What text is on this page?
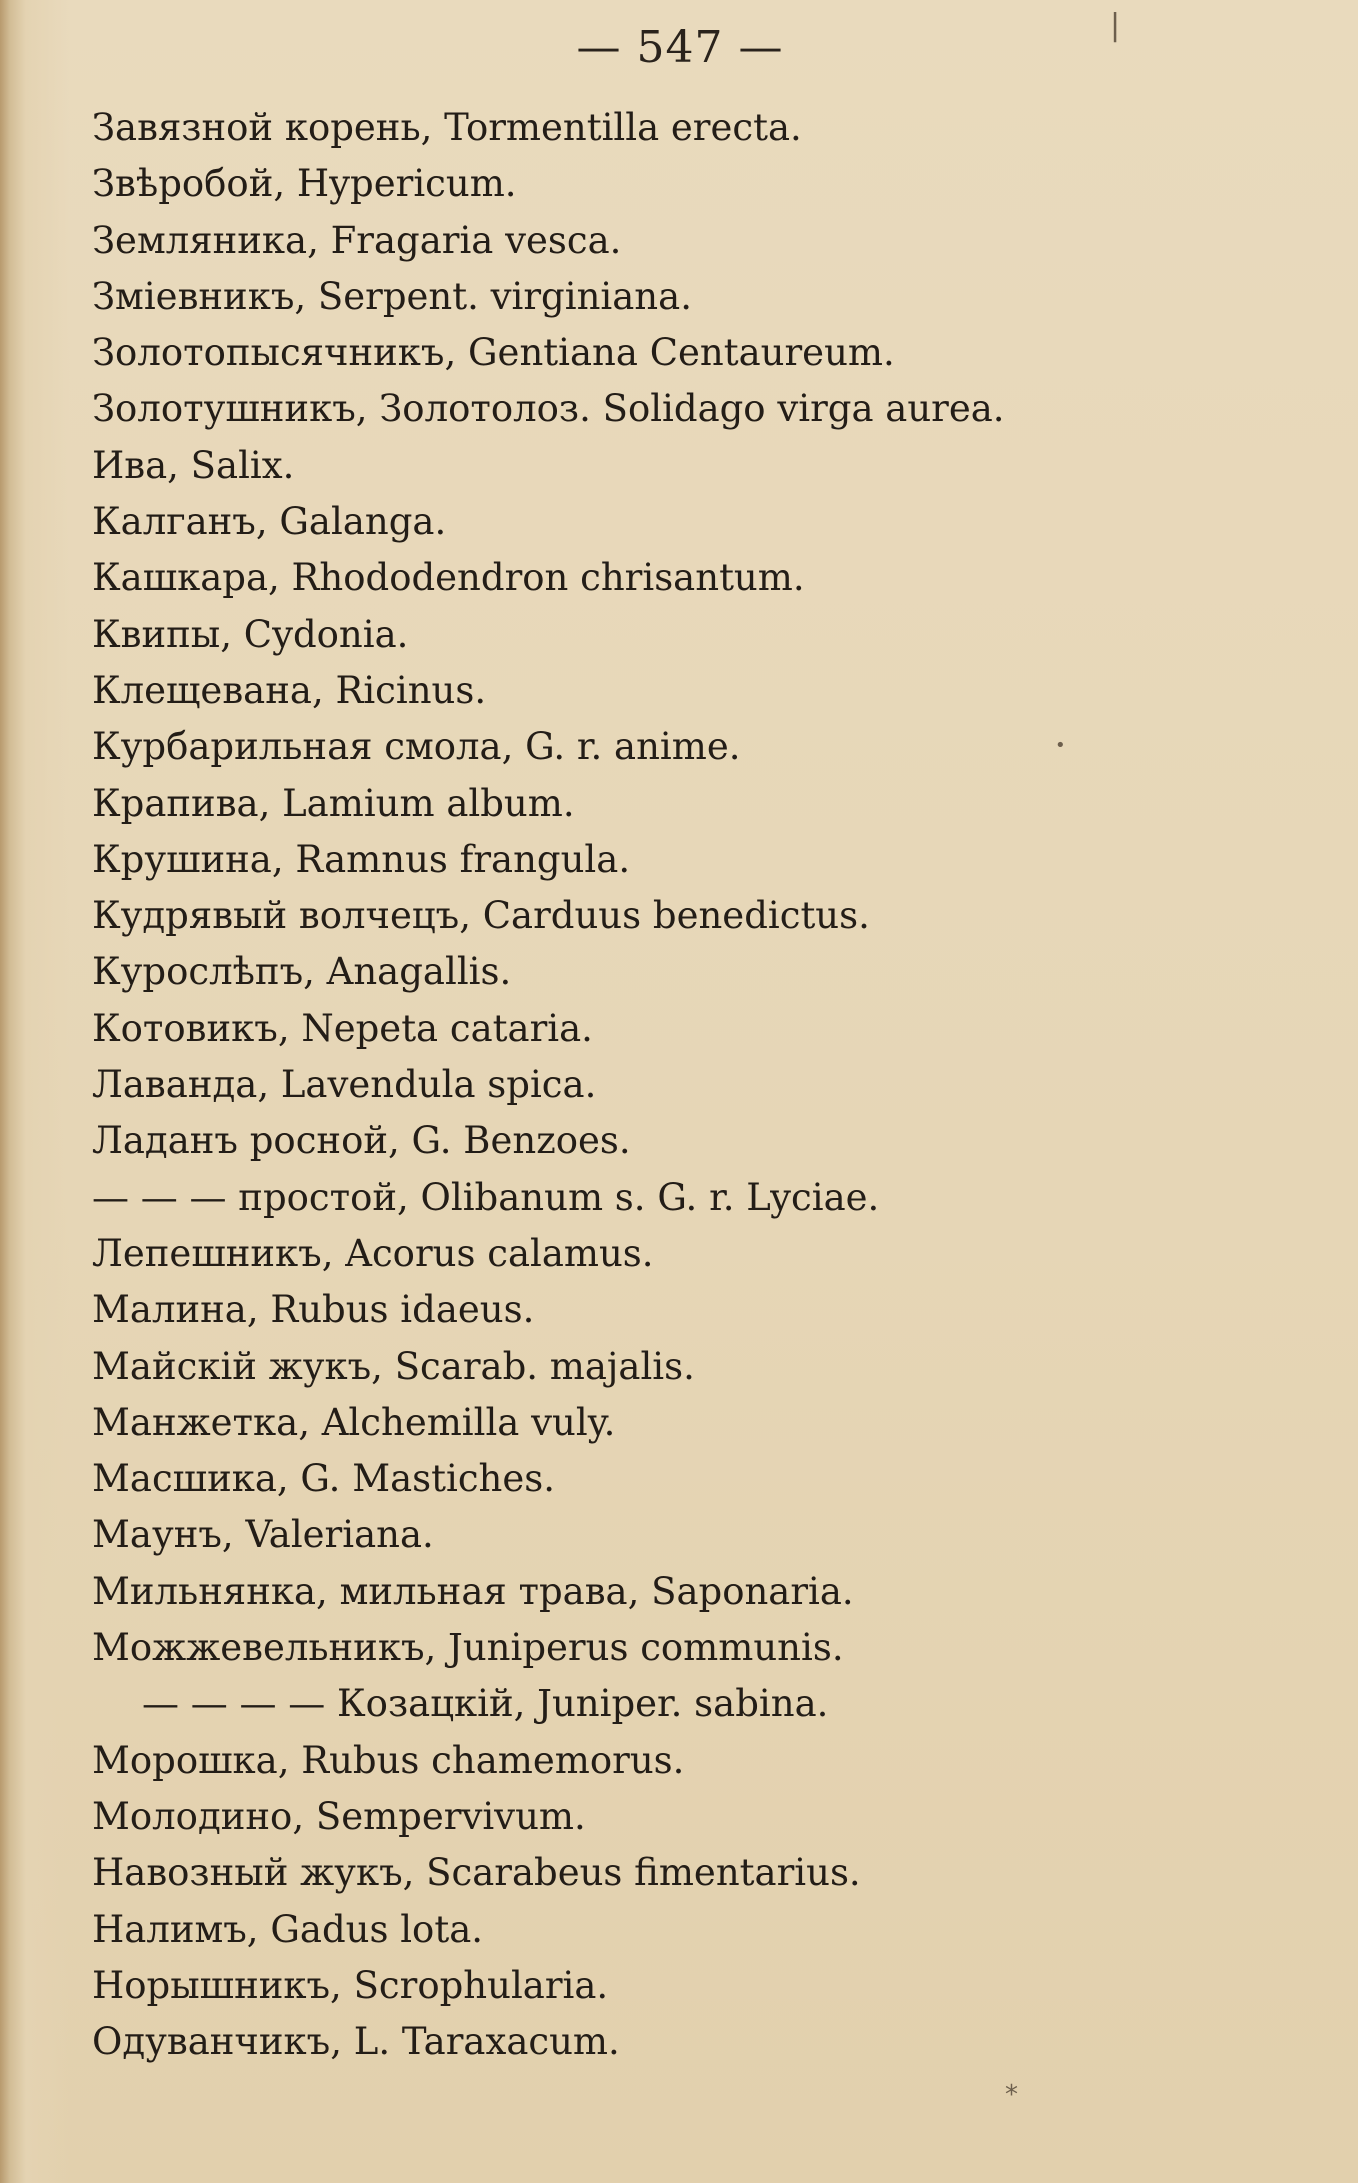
— 547 —
Завязной корень, Tormentilla erecta.
Звѣробой, Hypericum.
Земляника, Fragaria vesca.
Зміевникъ, Serpent. virginiana.
Золотопысячникъ, Gentiana Centaureum.
Золотушникъ, Золотолоз. Solidago virga aurea.
Ива, Salix.
Калганъ, Galanga.
Кашкара, Rhododendron chrisantum.
Квипы, Cydonia.
Клещевана, Ricinus.
Курбарильная смола, G. r. anime.
Крапива, Lamium album.
Крушина, Ramnus frangula.
Кудрявый волчецъ, Carduus benedictus.
Курослѣпъ, Anagallis.
Котовикъ, Nepeta cataria.
Лаванда, Lavendula spica.
Ладанъ росной, G. Benzoes.
— — — простой, Olibanum s. G. r. Lyciae.
Лепешникъ, Acorus calamus.
Малина, Rubus idaeus.
Майскій жукъ, Scarab. majalis.
Манжетка, Alchemilla vuly.
Масшика, G. Mastiches.
Маунъ, Valeriana.
Мильнянка, мильная трава, Saponaria.
Можжевельникъ, Juniperus communis.
— — — — Козацкій, Juniper. sabina.
Морошка, Rubus chamemorus.
Молодино, Sempervivum.
Навозный жукъ, Scarabeus fimentarius.
Налимъ, Gadus lota.
Норышникъ, Scrophularia.
Одуванчикъ, L. Taraxacum.
•
*
|
